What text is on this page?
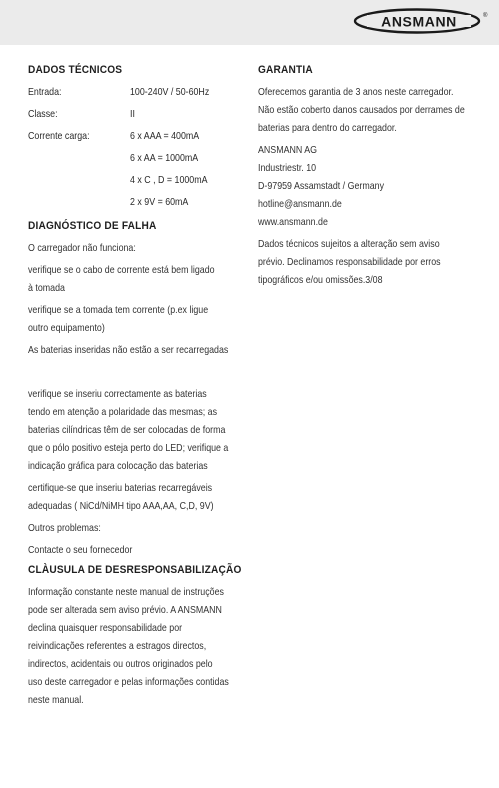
ANSMANN	®
DADOS TÉCNICOS
Entrada:	100-240V / 50-60Hz
Classe:	II
Corrente carga:	6 x AAA = 400mA
6 x AA = 1000mA
4 x C , D = 1000mA
2 x 9V = 60mA
DIAGNÓSTICO DE FALHA
O carregador não funciona:
verifique se o cabo de corrente está bem ligado
à tomada
verifique se a tomada tem corrente (p.ex ligue
outro equipamento)
As baterias inseridas não estão a ser recarregadas
verifique se inseriu correctamente as baterias
tendo em atenção a polaridade das mesmas; as
baterias cilíndricas têm de ser colocadas de forma
que o pólo positivo esteja perto do LED; verifique a
indicação gráfica para colocação das baterias
certifique-se que inseriu baterias recarregáveis
adequadas ( NiCd/NiMH tipo AAA,AA, C,D, 9V)
Outros problemas:
Contacte o seu fornecedor
CLÀUSULA DE DESRESPONSABILIZAÇÃO
Informação constante neste manual de instruções
pode ser alterada sem aviso prévio. A ANSMANN
declina quaisquer responsabilidade por
reivindicações referentes a estragos directos,
indirectos, acidentais ou outros originados pelo
uso deste carregador e pelas informações contidas
neste manual.
GARANTIA
Oferecemos garantia de 3 anos neste carregador.
Não estão coberto danos causados por derrames de
baterias para dentro do carregador.
ANSMANN AG
Industriestr. 10
D-97959 Assamstadt / Germany
hotline@ansmann.de
www.ansmann.de
Dados técnicos sujeitos a alteração sem aviso
prévio. Declinamos responsabilidade por erros
tipográficos e/ou omissões.3/08
